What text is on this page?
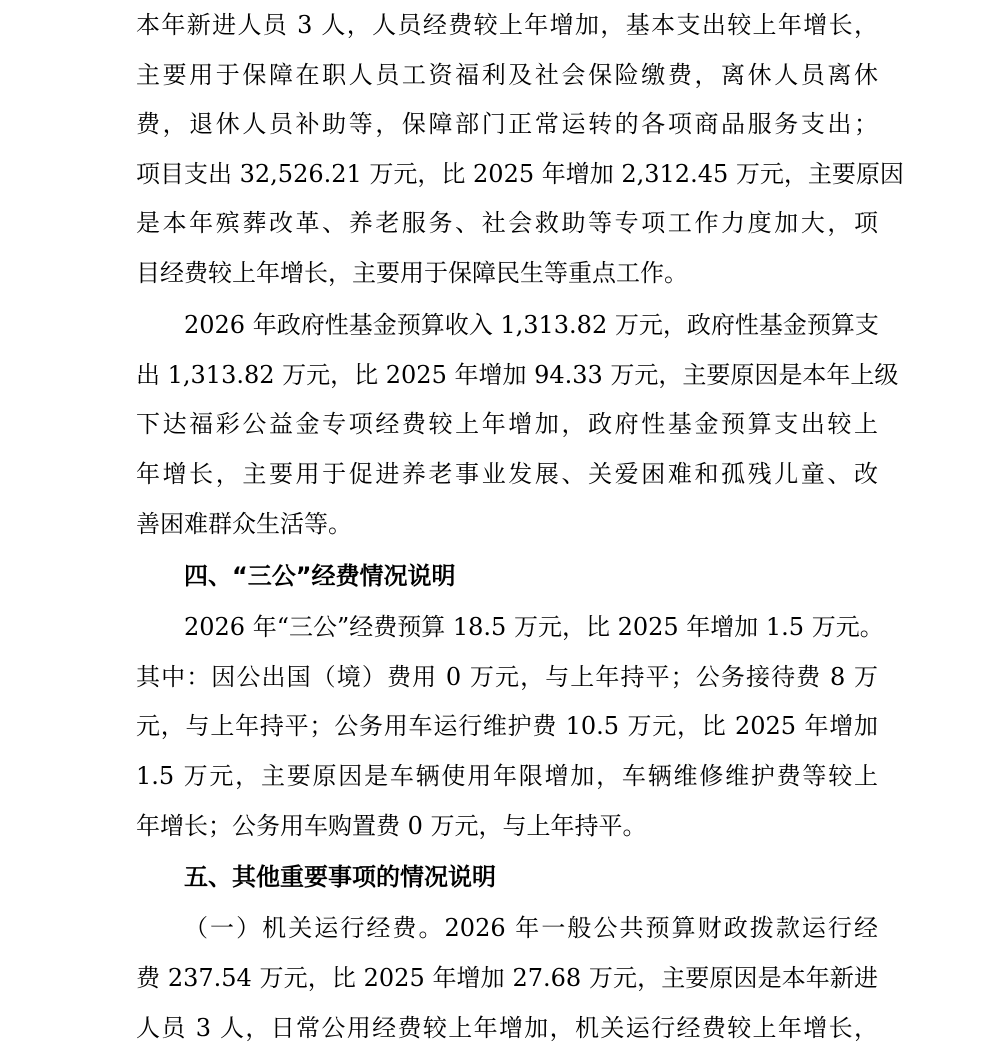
本年新进人员 3 人，人员经费较上年增加，基本支出较上年增长，
主要用于保障在职人员工资福利及社会保险缴费，离休人员离休
费，退休人员补助等，保障部门正常运转的各项商品服务支出；
项目支出 32,526.21 万元，比 2025 年增加 2,312.45 万元，主要原因
是本年殡葬改革、养老服务、社会救助等专项工作力度加大，项
目经费较上年增长，主要用于保障民生等重点工作。
2026 年政府性基金预算收入 1,313.82 万元，政府性基金预算支
出 1,313.82 万元，比 2025 年增加 94.33 万元，主要原因是本年上级
下达福彩公益金专项经费较上年增加，政府性基金预算支出较上
年增长，主要用于促进养老事业发展、关爱困难和孤残儿童、改
善困难群众生活等。
四、“三公”经费情况说明
2026 年“三公”经费预算 18.5 万元，比 2025 年增加 1.5 万元。
其中：因公出国（境）费用 0 万元，与上年持平；公务接待费 8 万
元，与上年持平；公务用车运行维护费 10.5 万元，比 2025 年增加
1.5 万元，主要原因是车辆使用年限增加，车辆维修维护费等较上
年增长；公务用车购置费 0 万元，与上年持平。
五、其他重要事项的情况说明
（一）机关运行经费。2026 年一般公共预算财政拨款运行经
费 237.54 万元，比 2025 年增加 27.68 万元，主要原因是本年新进
人员 3 人，日常公用经费较上年增加，机关运行经费较上年增长，
